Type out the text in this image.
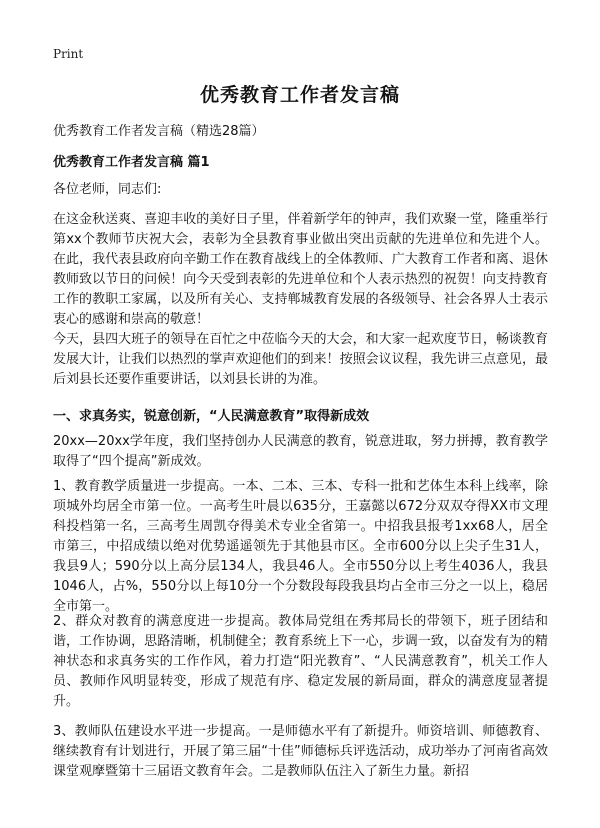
Print
优秀教育工作者发言稿
优秀教育工作者发言稿（精选28篇）
优秀教育工作者发言稿 篇1
各位老师，同志们:
在这金秋送爽、喜迎丰收的美好日子里，伴着新学年的钟声，我们欢聚一堂，隆重举行第xx个教师节庆祝大会，表彰为全县教育事业做出突出贡献的先进单位和先进个人。在此，我代表县政府向辛勤工作在教育战线上的全体教师、广大教育工作者和离、退休教师致以节日的问候！向今天受到表彰的先进单位和个人表示热烈的祝贺！向支持教育工作的教职工家属，以及所有关心、支持郸城教育发展的各级领导、社会各界人士表示衷心的感谢和崇高的敬意！
今天，县四大班子的领导在百忙之中莅临今天的大会，和大家一起欢度节日，畅谈教育发展大计，让我们以热烈的掌声欢迎他们的到来！按照会议议程，我先讲三点意见，最后刘县长还要作重要讲话，以刘县长讲的为准。
一、求真务实，锐意创新，“人民满意教育”取得新成效
20xx—20xx学年度，我们坚持创办人民满意的教育，锐意进取，努力拼搏，教育教学取得了“四个提高”新成效。
1、教育教学质量进一步提高。一本、二本、三本、专科一批和艺体生本科上线率，除项城外均居全市第一位。一高考生叶晨以635分，王嘉懿以672分双双夺得XX市文理科投档第一名，三高考生周凯夺得美术专业全省第一。中招我县报考1xx68人，居全市第三，中招成绩以绝对优势遥遥领先于其他县市区。全市600分以上尖子生31人，我县9人；590分以上高分层134人，我县46人。全市550分以上考生4036人，我县1046人，占%，550分以上每10分一个分数段每段我县均占全市三分之一以上，稳居全市第一。
2、群众对教育的满意度进一步提高。教体局党组在秀邦局长的带领下，班子团结和谐，工作协调，思路清晰，机制健全；教育系统上下一心，步调一致，以奋发有为的精神状态和求真务实的工作作风，着力打造“阳光教育”、“人民满意教育”，机关工作人员、教师作风明显转变，形成了规范有序、稳定发展的新局面，群众的满意度显著提升。
3、教师队伍建设水平进一步提高。一是师德水平有了新提升。师资培训、师德教育、继续教育有计划进行，开展了第三届“十佳”师德标兵评选活动，成功举办了河南省高效课堂观摩暨第十三届语文教育年会。二是教师队伍注入了新生力量。新招
